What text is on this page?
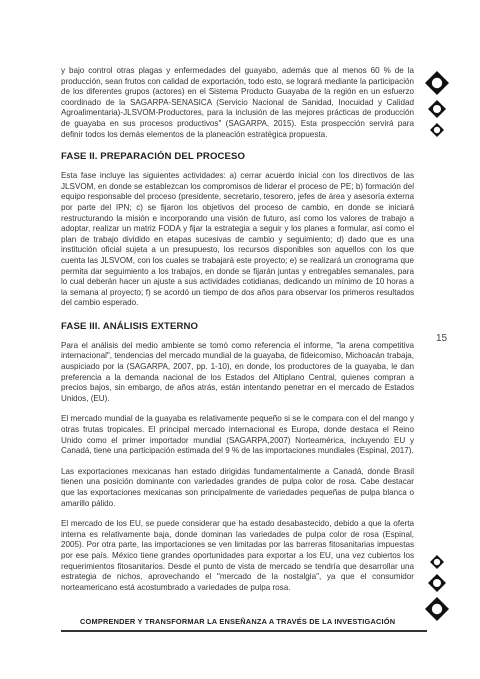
y bajo control otras plagas y enfermedades del guayabo, además que al menos 60 % de la producción, sean frutos con calidad de exportación, todo esto, se logrará mediante la participación de los diferentes grupos (actores) en el Sistema Producto Guayaba de la región en un esfuerzo coordinado de la SAGARPA-SENASICA (Servicio Nacional de Sanidad, Inocuidad y Calidad Agroalimentaria)-JLSVOM-Productores, para la inclusión de las mejores prácticas de producción de guayaba en sus procesos productivos" (SAGARPA, 2015). Esta prospección servirá para definir todos los demás elementos de la planeación estratégica propuesta.

FASE II. PREPARACIÓN DEL PROCESO

Esta fase incluye las siguientes actividades: a) cerrar acuerdo inicial con los directivos de las JLSVOM, en donde se establezcan los compromisos de liderar el proceso de PE; b) formación del equipo responsable del proceso (presidente, secretario, tesorero, jefes de área y asesoría externa por parte del IPN; c) se fijaron los objetivos del proceso de cambio, en donde se iniciará restructurando la misión e incorporando una visión de futuro, así como los valores de trabajo a adoptar, realizar un matriz FODA y fijar la estrategia a seguir y los planes a formular, así como el plan de trabajo dividido en etapas sucesivas de cambio y seguimiento; d) dado que es una institución oficial sujeta a un presupuesto, los recursos disponibles son aquellos con los que cuenta las JLSVOM, con los cuales se trabajará este proyecto; e) se realizará un cronograma que permita dar seguimiento a los trabajos, en donde se fijarán juntas y entregables semanales, para lo cual deberán hacer un ajuste a sus actividades cotidianas, dedicando un mínimo de 10 horas a la semana al proyecto; f) se acordó un tiempo de dos años para observar los primeros resultados del cambio esperado.

FASE III. ANÁLISIS EXTERNO

Para el análisis del medio ambiente se tomó como referencia el informe, "la arena competitiva internacional", tendencias del mercado mundial de la guayaba, de fideicomiso, Michoacán trabaja, auspiciado por la (SAGARPA, 2007, pp. 1-10), en donde, los productores de la guayaba, le dan preferencia a la demanda nacional de los Estados del Altiplano Central, quienes compran a precios bajos, sin embargo, de años atrás, están intentando penetrar en el mercado de Estados Unidos, (EU).

El mercado mundial de la guayaba es relativamente pequeño si se le compara con el del mango y otras frutas tropicales. El principal mercado internacional es Europa, donde destaca el Reino Unido como el primer importador mundial (SAGARPA,2007) Norteamérica, incluyendo EU y Canadá, tiene una participación estimada del 9 % de las importaciones mundiales (Espinal, 2017).

Las exportaciones mexicanas han estado dirigidas fundamentalmente a Canadá, donde Brasil tienen una posición dominante con variedades grandes de pulpa color de rosa. Cabe destacar que las exportaciones mexicanas son principalmente de variedades pequeñas de pulpa blanca o amarillo pálido.

El mercado de los EU, se puede considerar que ha estado desabastecido, debido a que la oferta interna es relativamente baja, donde dominan las variedades de pulpa color de rosa (Espinal, 2005). Por otra parte, las importaciones se ven limitadas por las barreras fitosanitarias impuestas por ese país. México tiene grandes oportunidades para exportar a los EU, una vez cubiertos los requerimientos fitosanitarios. Desde el punto de vista de mercado se tendría que desarrollar una estrategia de nichos, aprovechando el "mercado de la nostalgia", ya que el consumidor norteamericano está acostumbrado a variedades de pulpa rosa.

15
COMPRENDER Y TRANSFORMAR LA ENSEÑANZA A TRAVÉS DE LA INVESTIGACIÓN
